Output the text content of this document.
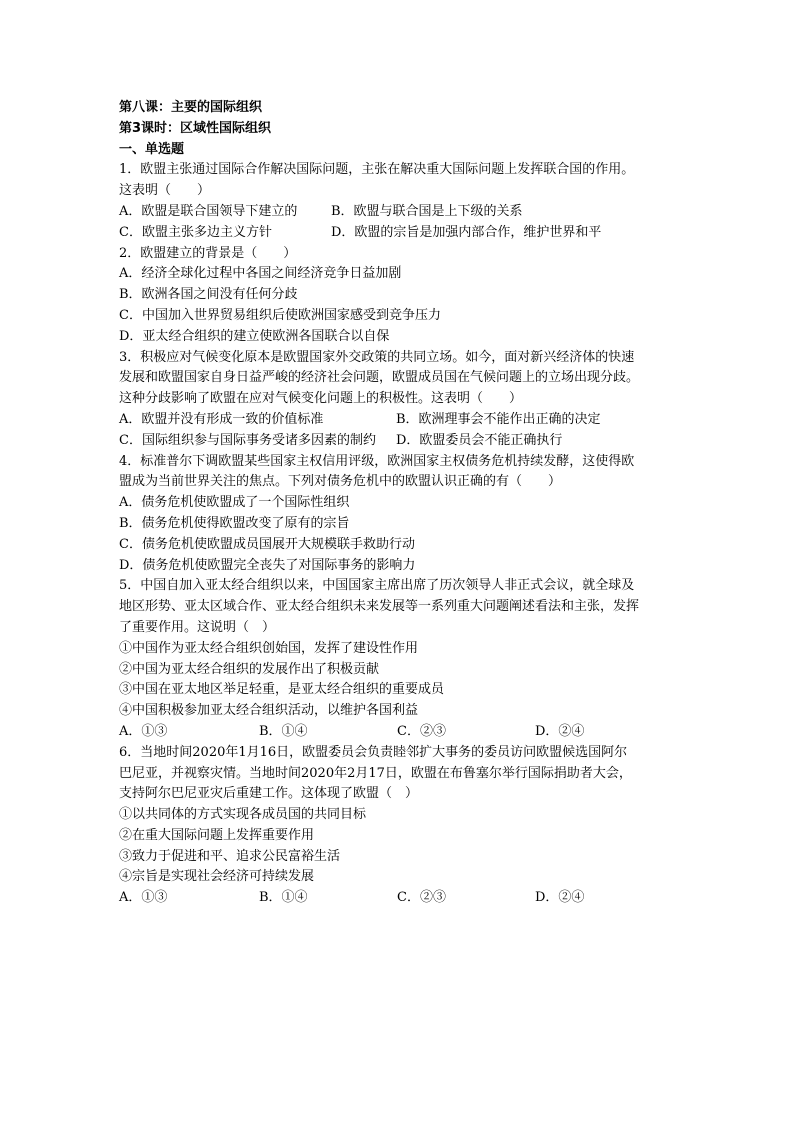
第八课：主要的国际组织
第3课时：区域性国际组织
一、单选题
1．欧盟主张通过国际合作解决国际问题，主张在解决重大国际问题上发挥联合国的作用。
这表明（　　）
A．欧盟是联合国领导下建立的	B．欧盟与联合国是上下级的关系
C．欧盟主张多边主义方针	D．欧盟的宗旨是加强内部合作，维护世界和平
2．欧盟建立的背景是（　　）
A．经济全球化过程中各国之间经济竞争日益加剧
B．欧洲各国之间没有任何分歧
C．中国加入世界贸易组织后使欧洲国家感受到竞争压力
D．亚太经合组织的建立使欧洲各国联合以自保
3．积极应对气候变化原本是欧盟国家外交政策的共同立场。如今，面对新兴经济体的快速
发展和欧盟国家自身日益严峻的经济社会问题，欧盟成员国在气候问题上的立场出现分歧。
这种分歧影响了欧盟在应对气候变化问题上的积极性。这表明（　　）
A．欧盟并没有形成一致的价值标准	B．欧洲理事会不能作出正确的决定
C．国际组织参与国际事务受诸多因素的制约 D．欧盟委员会不能正确执行
4．标准普尔下调欧盟某些国家主权信用评级，欧洲国家主权债务危机持续发酵，这使得欧
盟成为当前世界关注的焦点。下列对债务危机中的欧盟认识正确的有（　　）
A．债务危机使欧盟成了一个国际性组织
B．债务危机使得欧盟改变了原有的宗旨
C．债务危机使欧盟成员国展开大规模联手救助行动
D．债务危机使欧盟完全丧失了对国际事务的影响力
5．中国自加入亚太经合组织以来，中国国家主席出席了历次领导人非正式会议，就全球及
地区形势、亚太区域合作、亚太经合组织未来发展等一系列重大问题阐述看法和主张，发挥
了重要作用。这说明（　）
①中国作为亚太经合组织创始国，发挥了建设性作用
②中国为亚太经合组织的发展作出了积极贡献
③中国在亚太地区举足轻重，是亚太经合组织的重要成员
④中国积极参加亚太经合组织活动，以维护各国利益
A．①③	B．①④	C．②③	D．②④
6．当地时间2020年1月16日，欧盟委员会负责睦邻扩大事务的委员访问欧盟候选国阿尔
巴尼亚，并视察灾情。当地时间2020年2月17日，欧盟在布鲁塞尔举行国际捐助者大会，
支持阿尔巴尼亚灾后重建工作。这体现了欧盟（　）
①以共同体的方式实现各成员国的共同目标
②在重大国际问题上发挥重要作用
③致力于促进和平、追求公民富裕生活
④宗旨是实现社会经济可持续发展
A．①③	B．①④	C．②③	D．②④
